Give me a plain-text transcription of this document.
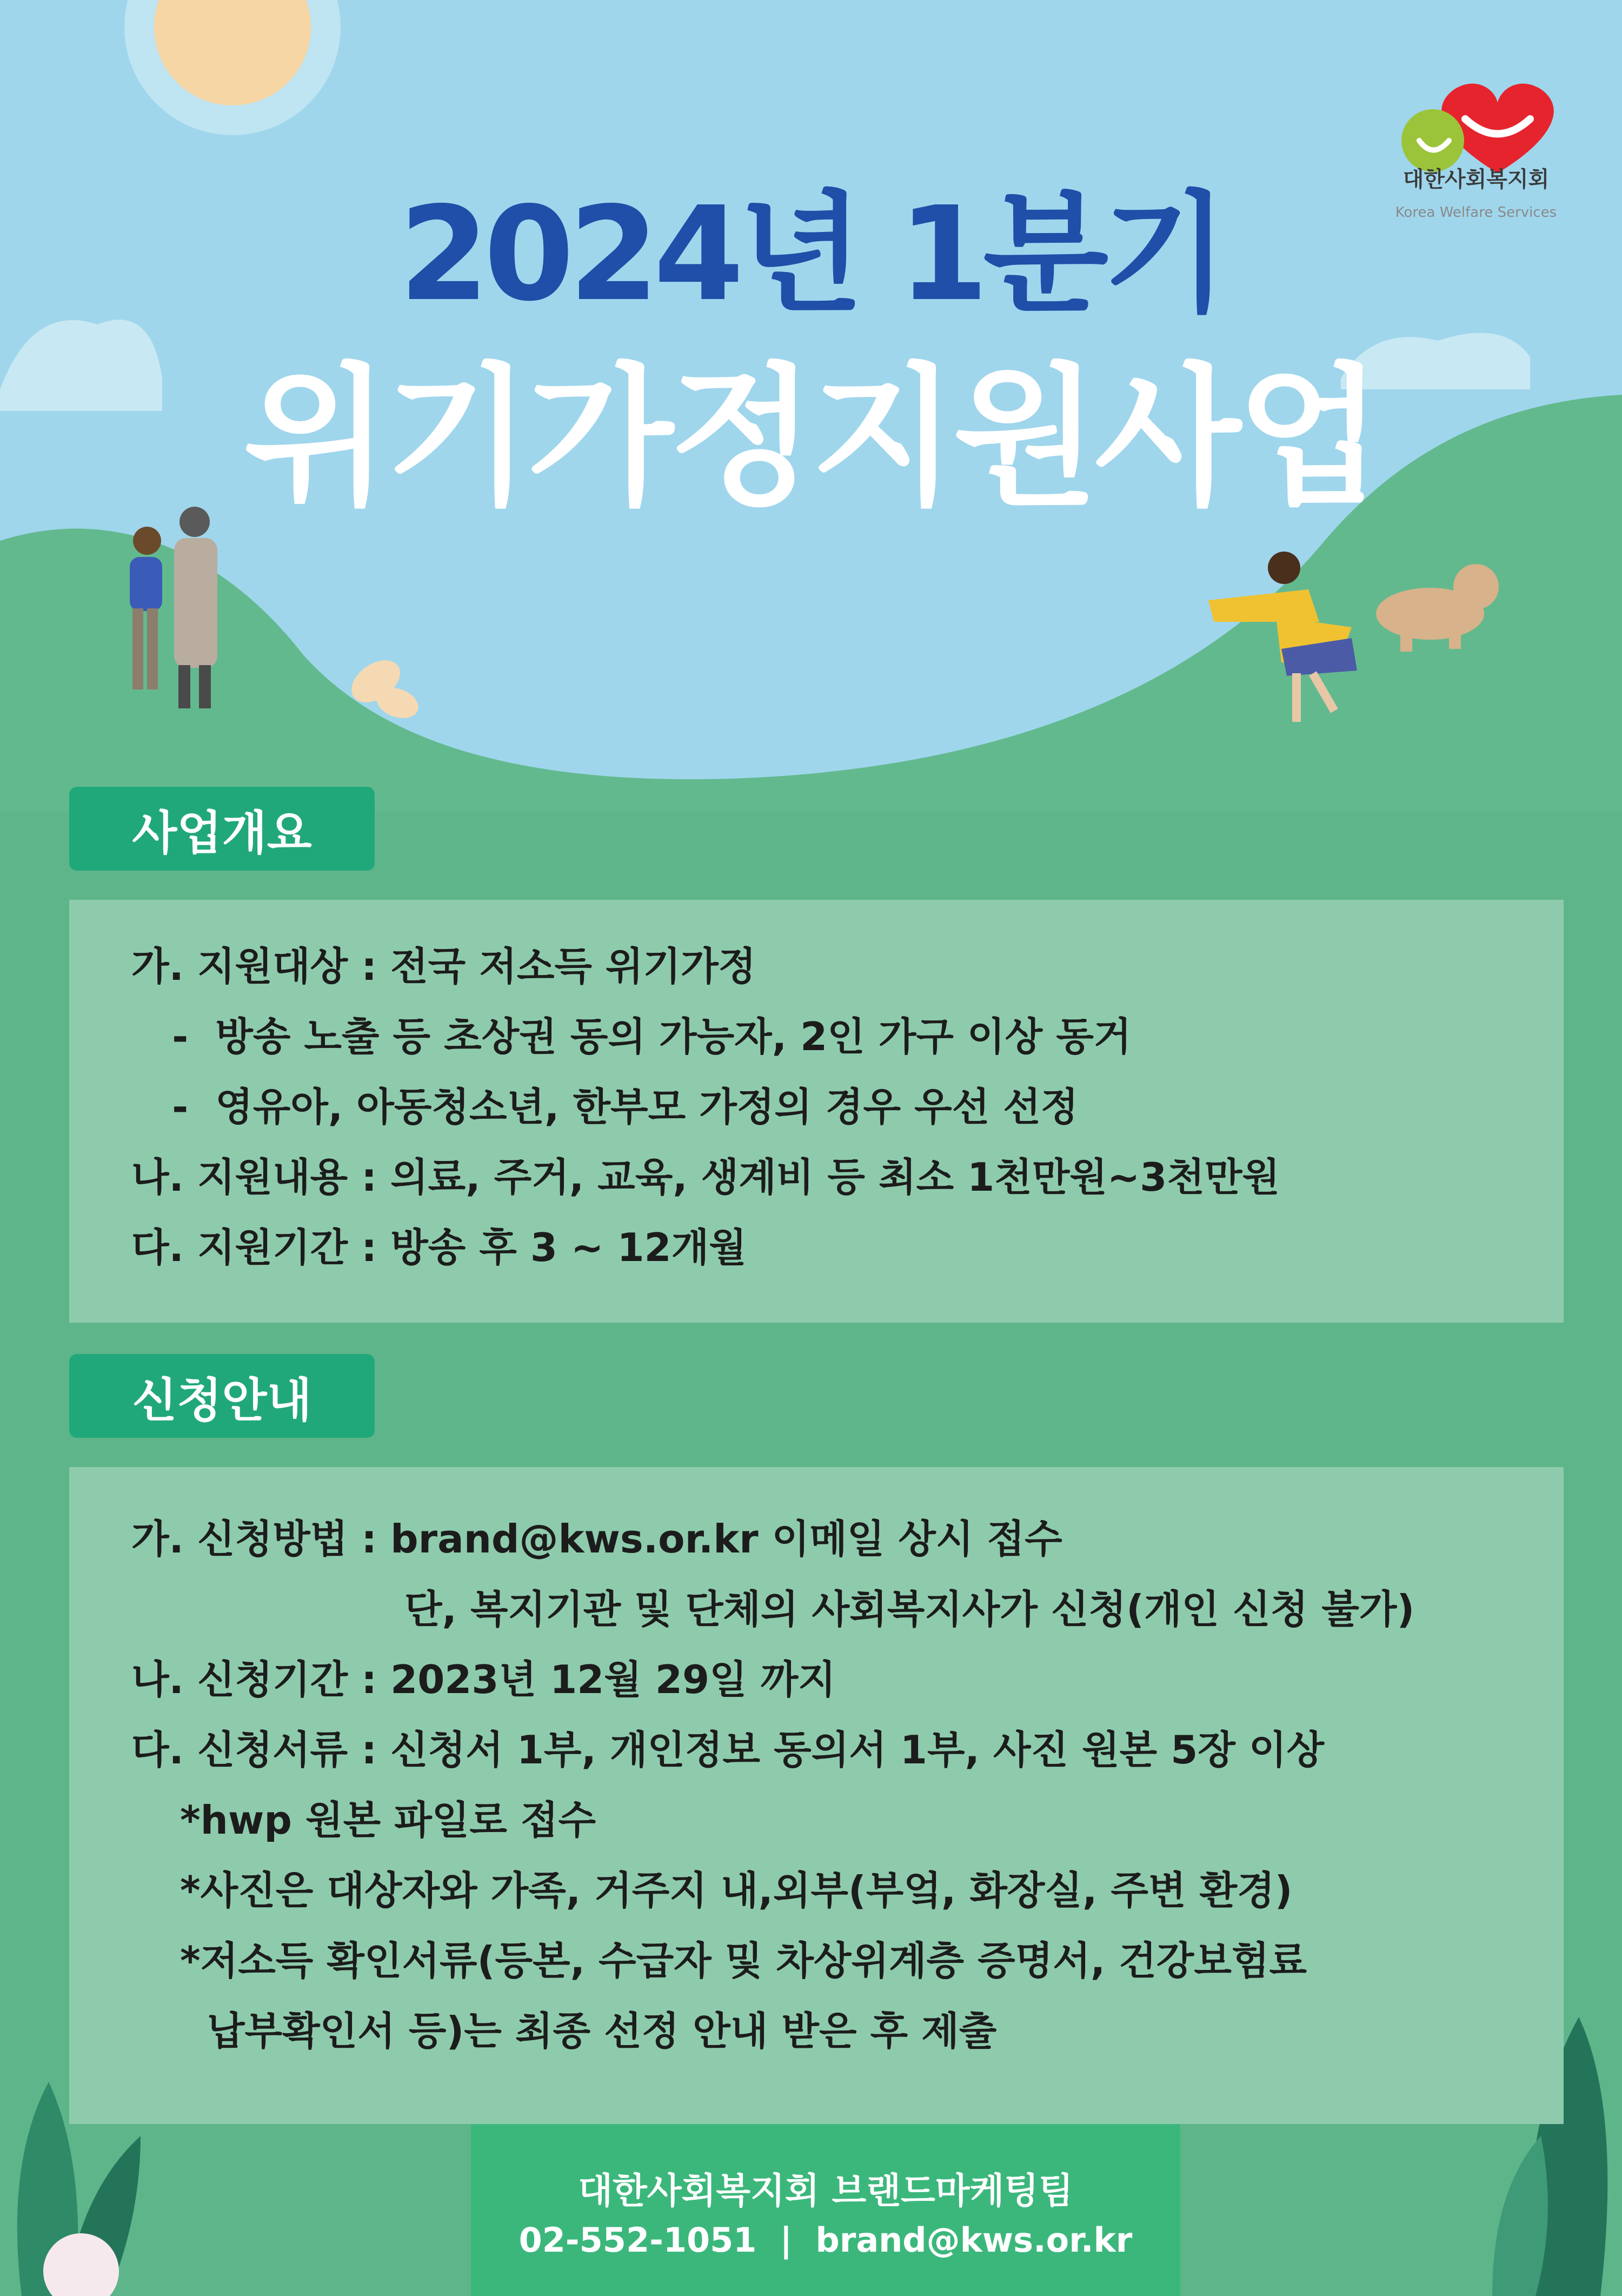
대한사회복지회
Korea Welfare Services
2024년 1분기
위기가정지원사업
사업개요
가. 지원대상 : 전국 저소득 위기가정
-  방송 노출 등 초상권 동의 가능자, 2인 가구 이상 동거
-  영유아, 아동청소년, 한부모 가정의 경우 우선 선정
나. 지원내용 : 의료, 주거, 교육, 생계비 등 최소 1천만원~3천만원
다. 지원기간 : 방송 후 3 ~ 12개월
신청안내
가. 신청방법 : brand@kws.or.kr 이메일 상시 접수
단, 복지기관 및 단체의 사회복지사가 신청(개인 신청 불가)
나. 신청기간 : 2023년 12월 29일 까지
다. 신청서류 : 신청서 1부, 개인정보 동의서 1부, 사진 원본 5장 이상
*hwp 원본 파일로 접수
*사진은 대상자와 가족, 거주지 내,외부(부엌, 화장실, 주변 환경)
*저소득 확인서류(등본, 수급자 및 차상위계층 증명서, 건강보험료
납부확인서 등)는 최종 선정 안내 받은 후 제출
대한사회복지회 브랜드마케팅팀
02-552-1051  |  brand@kws.or.kr
